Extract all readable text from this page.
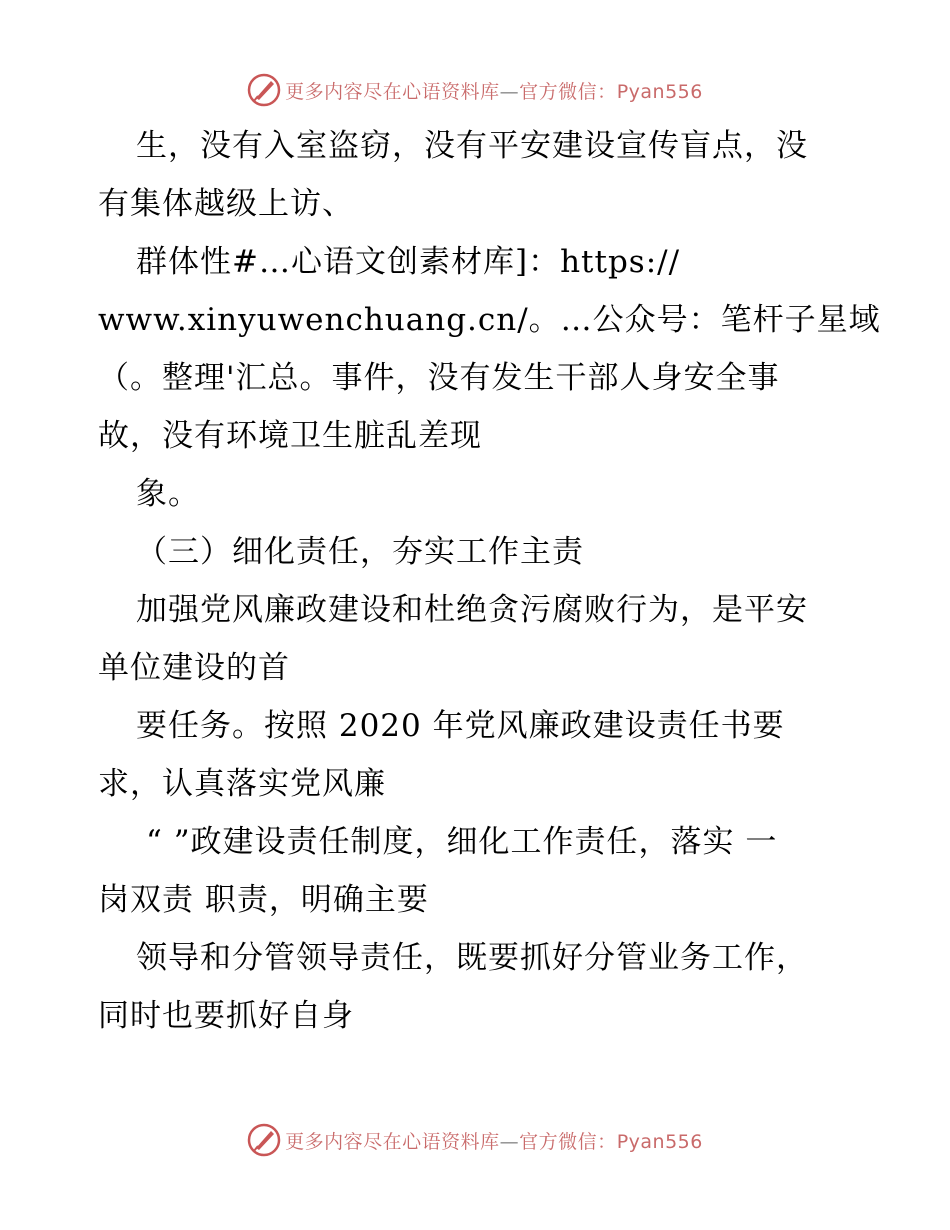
更多内容尽在心语资料库—官方微信：Pyan556
生，没有入室盗窃，没有平安建设宣传盲点，没
有集体越级上访、
群体性#…心语文创素材库]：https://
www.xinyuwenchuang.cn/。…公众号：笔杆子星域
（。整理'汇总。事件，没有发生干部人身安全事
故，没有环境卫生脏乱差现
象。
（三）细化责任，夯实工作主责
加强党风廉政建设和杜绝贪污腐败行为，是平安
单位建设的首
要任务。按照 2020 年党风廉政建设责任书要
求，认真落实党风廉
“ ”政建设责任制度，细化工作责任，落实 一
岗双责 职责，明确主要
领导和分管领导责任，既要抓好分管业务工作，
同时也要抓好自身
更多内容尽在心语资料库—官方微信：Pyan556
